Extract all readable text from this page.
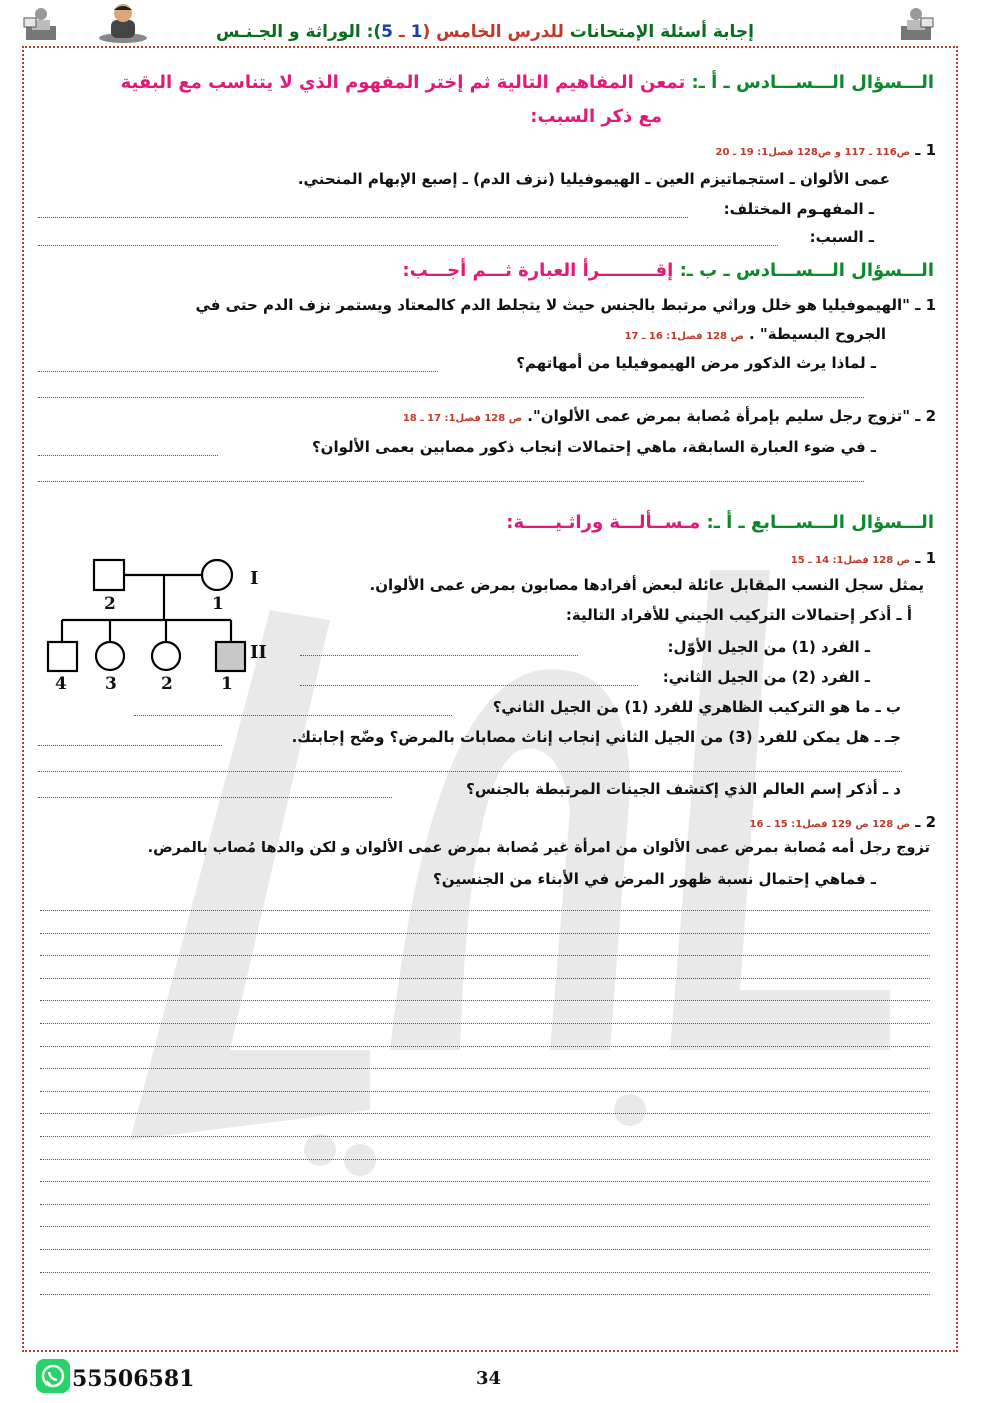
إجابة أسئلة الإمتحانات للدرس الخامس (1 ـ 5): الوراثة و الجـنـس
الـــسؤال الـــســـادس ـ أ ـ: تمعن المفاهيم التالية ثم إختر المفهوم الذي لا يتناسب مع البقية
مع ذكر السبب:
1 ـ ص116 ـ 117 و ص128 فصل1: 19 ـ 20
عمى الألوان ـ استجماتيزم العين ـ الهيموفيليا (نزف الدم) ـ إصبع الإبهام المنحني.
ـ المفهـوم المختلف:
ـ السبب:
الـــسؤال الـــســـادس ـ ب ـ: إقـــــــــرأ العبارة ثـــم أجـــب:
1 ـ "الهيموفيليا هو خلل وراثي مرتبط بالجنس حيث لا يتجلط الدم كالمعتاد ويستمر نزف الدم حتى في
الجروح البسيطة" . ص 128 فصل1: 16 ـ 17
ـ لماذا يرث الذكور مرض الهيموفيليا من أمهاتهم؟
2 ـ "تزوج رجل سليم بإمرأة مُصابة بمرض عمى الألوان". ص 128 فصل1: 17 ـ 18
ـ في ضوء العبارة السابقة، ماهي إحتمالات إنجاب ذكور مصابين بعمى الألوان؟
الـــسؤال الـــســـابع ـ أ ـ: مـســألـــة وراثـيـــــة:
1 ـ ص 128 فصل1: 14 ـ 15
يمثل سجل النسب المقابل عائلة لبعض أفرادها مصابون بمرض عمى الألوان.
أ ـ أذكر إحتمالات التركيب الجيني للأفراد التالية:
ـ الفرد (1) من الجيل الأوّل:
ـ الفرد (2) من الجيل الثاني:
ب ـ ما هو التركيب الظاهري للفرد (1) من الجيل الثاني؟
جـ ـ هل يمكن للفرد (3) من الجيل الثاني إنجاب إناث مصابات بالمرض؟ وضّح إجابتك.
د ـ أذكر إسم العالم الذي إكتشف الجينات المرتبطة بالجنس؟
I
II
2	1
4 3	2	1
2 ـ ص 128 ص 129 فصل1: 15 ـ 16
تزوج رجل أمه مُصابة بمرض عمى الألوان من امرأة غير مُصابة بمرض عمى الألوان و لكن والدها مُصاب بالمرض.
ـ فماهي إحتمال نسبة ظهور المرض في الأبناء من الجنسين؟
55506581	34
